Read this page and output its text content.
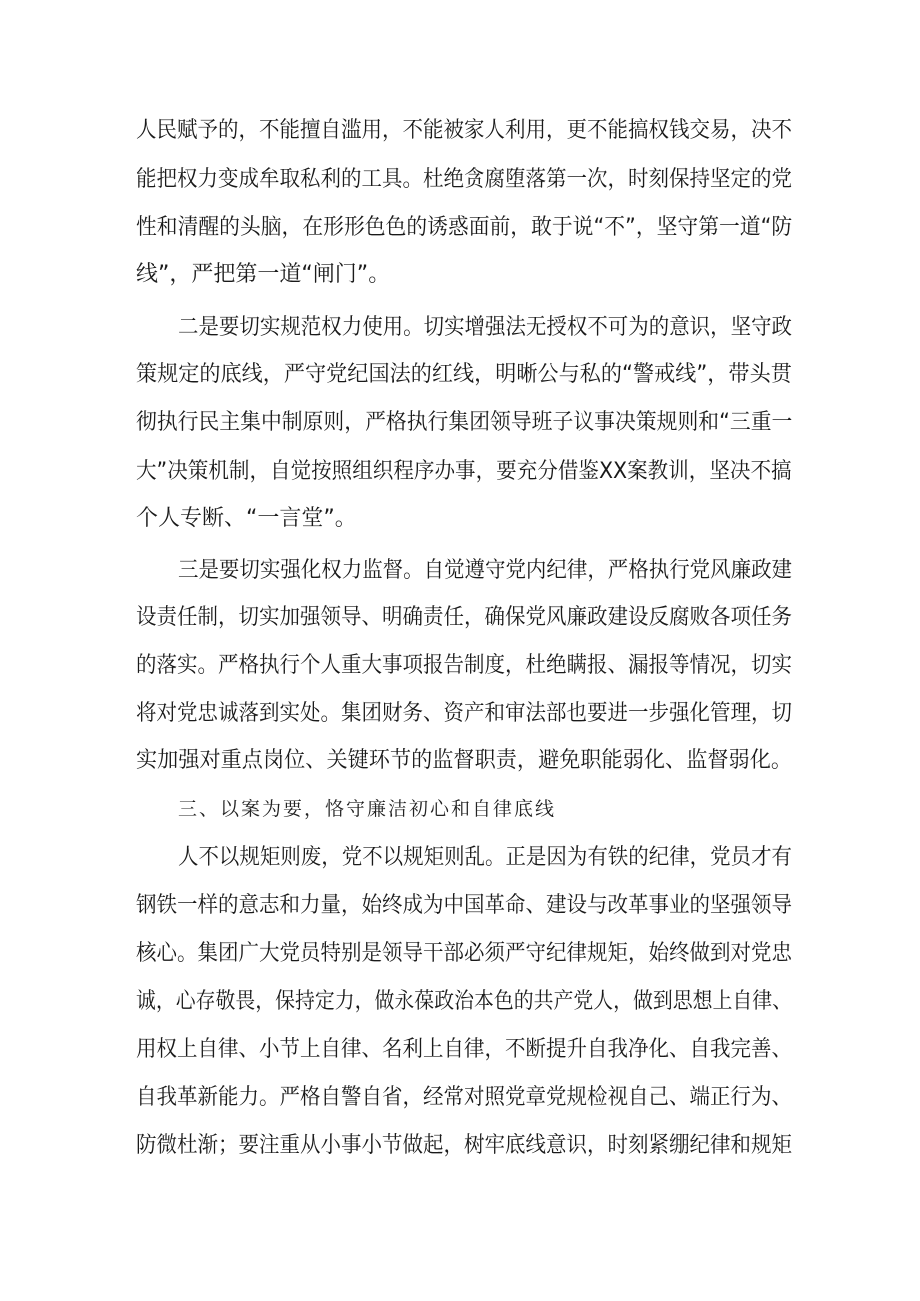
人民赋予的，不能擅自滥用，不能被家人利用，更不能搞权钱交易，决不
能把权力变成牟取私利的工具。杜绝贪腐堕落第一次，时刻保持坚定的党
性和清醒的头脑，在形形色色的诱惑面前，敢于说“不”，坚守第一道“防
线”，严把第一道“闸门”。
二是要切实规范权力使用。切实增强法无授权不可为的意识，坚守政
策规定的底线，严守党纪国法的红线，明晰公与私的“警戒线”，带头贯
彻执行民主集中制原则，严格执行集团领导班子议事决策规则和“三重一
大”决策机制，自觉按照组织程序办事，要充分借鉴XX案教训，坚决不搞
个人专断、“一言堂”。
三是要切实强化权力监督。自觉遵守党内纪律，严格执行党风廉政建
设责任制，切实加强领导、明确责任，确保党风廉政建设反腐败各项任务
的落实。严格执行个人重大事项报告制度，杜绝瞒报、漏报等情况，切实
将对党忠诚落到实处。集团财务、资产和审法部也要进一步强化管理，切
实加强对重点岗位、关键环节的监督职责，避免职能弱化、监督弱化。
三、以案为要，恪守廉洁初心和自律底线
人不以规矩则废，党不以规矩则乱。正是因为有铁的纪律，党员才有
钢铁一样的意志和力量，始终成为中国革命、建设与改革事业的坚强领导
核心。集团广大党员特别是领导干部必须严守纪律规矩，始终做到对党忠
诚，心存敬畏，保持定力，做永葆政治本色的共产党人，做到思想上自律、
用权上自律、小节上自律、名利上自律，不断提升自我净化、自我完善、
自我革新能力。严格自警自省，经常对照党章党规检视自己、端正行为、
防微杜渐；要注重从小事小节做起，树牢底线意识，时刻紧绷纪律和规矩
